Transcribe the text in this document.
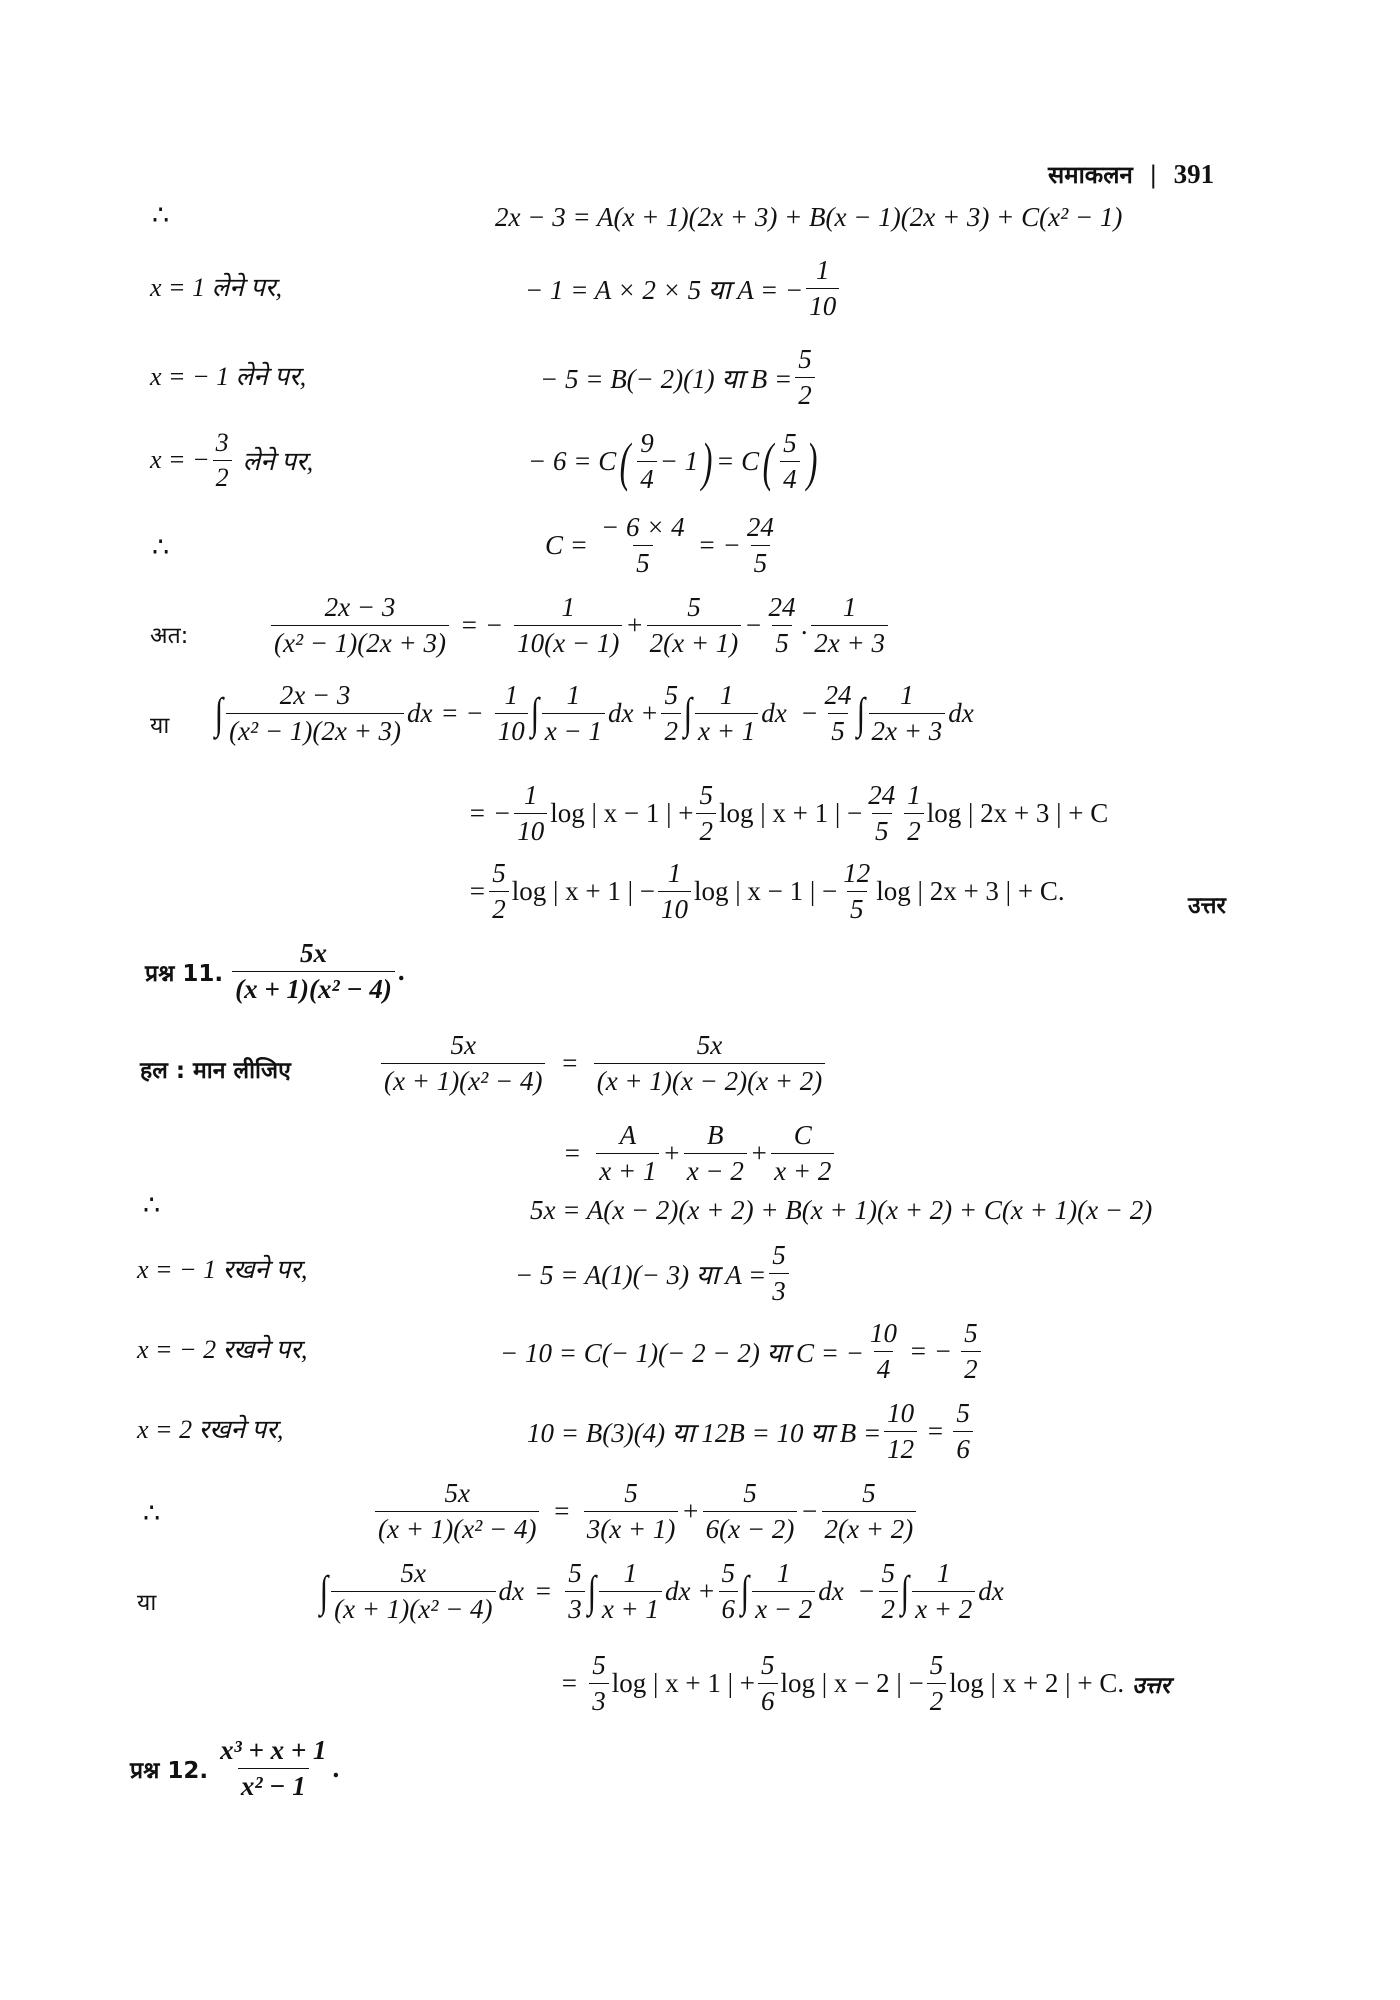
समाकलन | 391
∴	2x − 3 = A(x + 1)(2x + 3) + B(x − 1)(2x + 3) + C(x² − 1)
x = 1 लेने पर,	− 1 = A × 2 × 5 या A = − $\frac{1}{10}$
x = − 1 लेने पर,	− 5 = B(− 2)(1) या $B = \frac{5}{2}$
x = − $\frac{3}{2}$ लेने पर,	− 6 = C ( $\frac{9}{4} - 1$ ) = C ( $\frac{5}{4}$ )
∴	$C = \frac{- 6 \times 4}{5}$ = − $\frac{24}{5}$
अत:	$\frac{2x - 3}{\text{(x² − 1)(2x + 3)}}$ = − $\frac{1}{10(x - 1)} + \frac{5}{2(x + 1)} - \frac{24}{5}$ . $\frac{1}{2x + 3}$
या ∫ $\frac{2x - 3}{\text{(x² − 1)(2x + 3)}}$ dx = − $\frac{1}{10}$ ∫ $\frac{1}{x - 1}$ dx + $\frac{5}{2}$ ∫ $\frac{1}{x + 1}$ dx − $\frac{24}{5}$ ∫ $\frac{1}{2x + 3}$ dx
= − $\frac{1}{10}$ log | x − 1 | + $\frac{5}{2}$ log | x + 1 | − $\frac{24}{5} \frac{1}{2}$ log | 2x + 3 | + C
= $\frac{5}{2}$ log | x + 1 | − $\frac{1}{10}$ log | x − 1 | − $\frac{12}{5}$ log | 2x + 3 | + C.	उत्तर
प्रश्न 11. $\frac{5x}{\text{(x + 1)(x² − 4)}}$ .
हल : मान लीजिए	$\frac{5x}{\text{(x + 1)(x² − 4)}} = \frac{5x}{(x + 1)(x - 2)(x + 2)}$
= $\frac{A}{x + 1} + \frac{B}{x - 2} + \frac{C}{x + 2}$
∴	5x = A(x − 2)(x + 2) + B(x + 1)(x + 2) + C(x + 1)(x − 2)
x = − 1 रखने पर,	− 5 = A(1)(− 3) या $A = \frac{5}{3}$
x = − 2 रखने पर,	− 10 = C(− 1)(− 2 − 2) या C = − $\frac{10}{4}$ = − $\frac{5}{2}$
x = 2 रखने पर,	10 = B(3)(4) या 12B = 10 या $B = \frac{10}{12} = \frac{5}{6}$
∴	$\frac{5x}{\text{(x + 1)(x² − 4)}} = \frac{5}{3(x + 1)} + \frac{5}{6(x - 2)} - \frac{5}{2(x + 2)}$
या	∫ $\frac{5x}{\text{(x + 1)(x² − 4)}}$ dx = $\frac{5}{3}$ ∫ $\frac{1}{x + 1}$ dx + $\frac{5}{6}$ ∫ $\frac{1}{x - 2}$ dx − $\frac{5}{2}$ ∫ $\frac{1}{x + 2}$ dx
= $\frac{5}{3}$ log | x + 1 | + $\frac{5}{6}$ log | x − 2 | − $\frac{5}{2}$ log | x + 2 | + C. उत्तर
प्रश्न 12. $\frac{\text{x³ + x + 1}}{\text{x² − 1}}$ .
